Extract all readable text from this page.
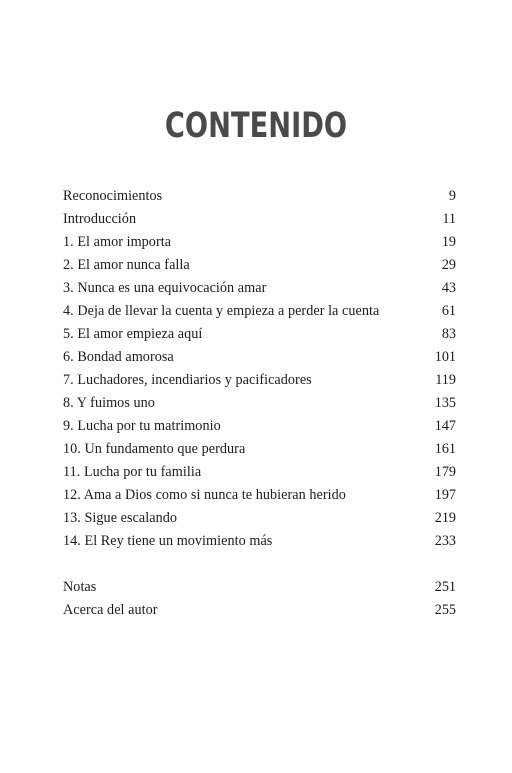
CONTENIDO
Reconocimientos	9
Introducción	11
1. El amor importa	19
2. El amor nunca falla	29
3. Nunca es una equivocación amar	43
4. Deja de llevar la cuenta y empieza a perder la cuenta	61
5. El amor empieza aquí	83
6. Bondad amorosa	101
7. Luchadores, incendiarios y pacificadores	119
8. Y fuimos uno	135
9. Lucha por tu matrimonio	147
10. Un fundamento que perdura	161
11. Lucha por tu familia	179
12. Ama a Dios como si nunca te hubieran herido	197
13. Sigue escalando	219
14. El Rey tiene un movimiento más	233
Notas	251
Acerca del autor	255
